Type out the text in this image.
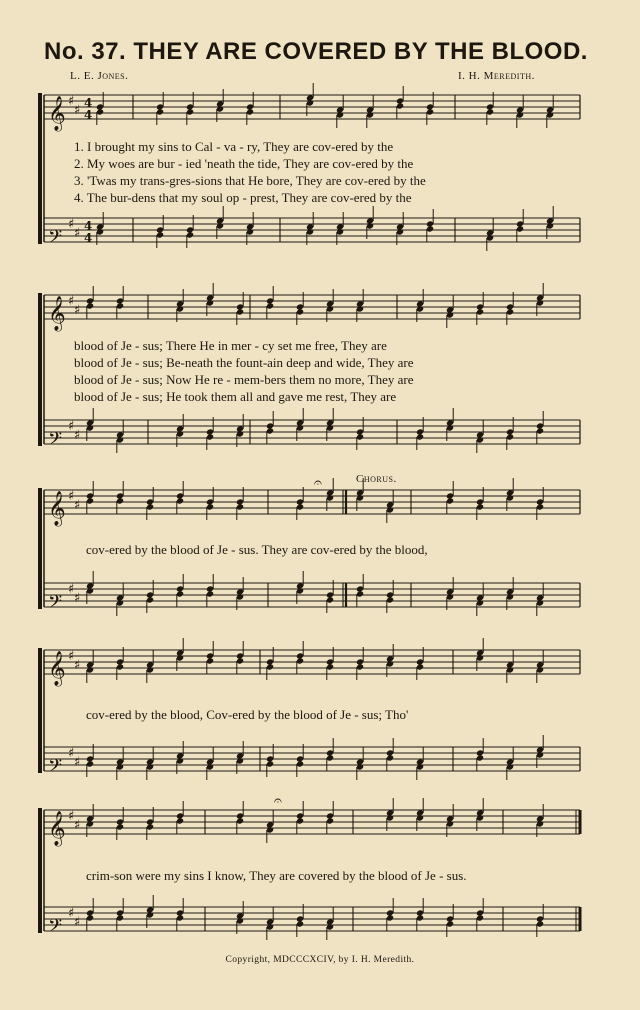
𝄞 ♯
♯ 4
4
𝄢
♯
♯ 4
4
𝄞 ♯
♯
𝄢
♯
♯
𝄞 ♯
♯
𝄢
♯
♯
𝄞 ♯
♯
𝄢
♯
♯
𝄞 ♯
♯
𝄢
♯
♯
𝄐
𝄐
No. 37. THEY ARE COVERED BY THE BLOOD.
L. E. Jones.	I. H. Meredith.
Chorus.
1. I brought my sins to Cal - va - ry, They are cov-ered by the
2. My woes are bur - ied 'neath the tide, They are cov-ered by the
3. 'Twas my trans-gres-sions that He bore, They are cov-ered by the
4. The bur-dens that my soul op - prest, They are cov-ered by the
blood of Je - sus; There He in mer - cy set me free, They are
blood of Je - sus; Be-neath the fount-ain deep and wide, They are
blood of Je - sus; Now He re - mem-bers them no more, They are
blood of Je - sus; He took them all and gave me rest, They are
cov-ered by the blood of Je - sus. They are cov-ered by the blood,
cov-ered by the blood, Cov-ered by the blood of Je - sus; Tho'
crim-son were my sins I know, They are covered by the blood of Je - sus.
Copyright, MDCCCXCIV, by I. H. Meredith.
